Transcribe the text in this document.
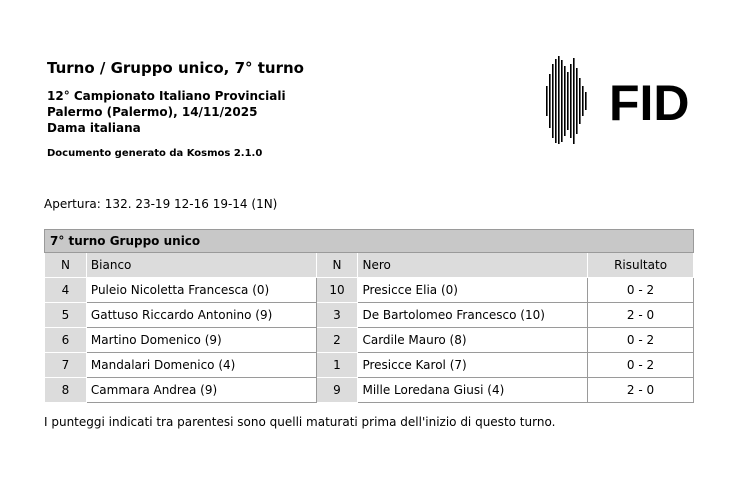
Turno / Gruppo unico, 7° turno
12° Campionato Italiano Provinciali
Palermo (Palermo), 14/11/2025
Dama italiana
Documento generato da Kosmos 2.1.0
FID
Apertura: 132. 23-19 12-16 19-14 (1N)
7° turno Gruppo unico				
N	Bianco	N	Nero	Risultato
4	Puleio Nicoletta Francesca (0)	10	Presicce Elia (0)	0 - 2
5	Gattuso Riccardo Antonino (9)	3	De Bartolomeo Francesco (10)	2 - 0
6	Martino Domenico (9)	2	Cardile Mauro (8)	0 - 2
7	Mandalari Domenico (4)	1	Presicce Karol (7)	0 - 2
8	Cammara Andrea (9)	9	Mille Loredana Giusi (4)	2 - 0
I punteggi indicati tra parentesi sono quelli maturati prima dell'inizio di questo turno.
